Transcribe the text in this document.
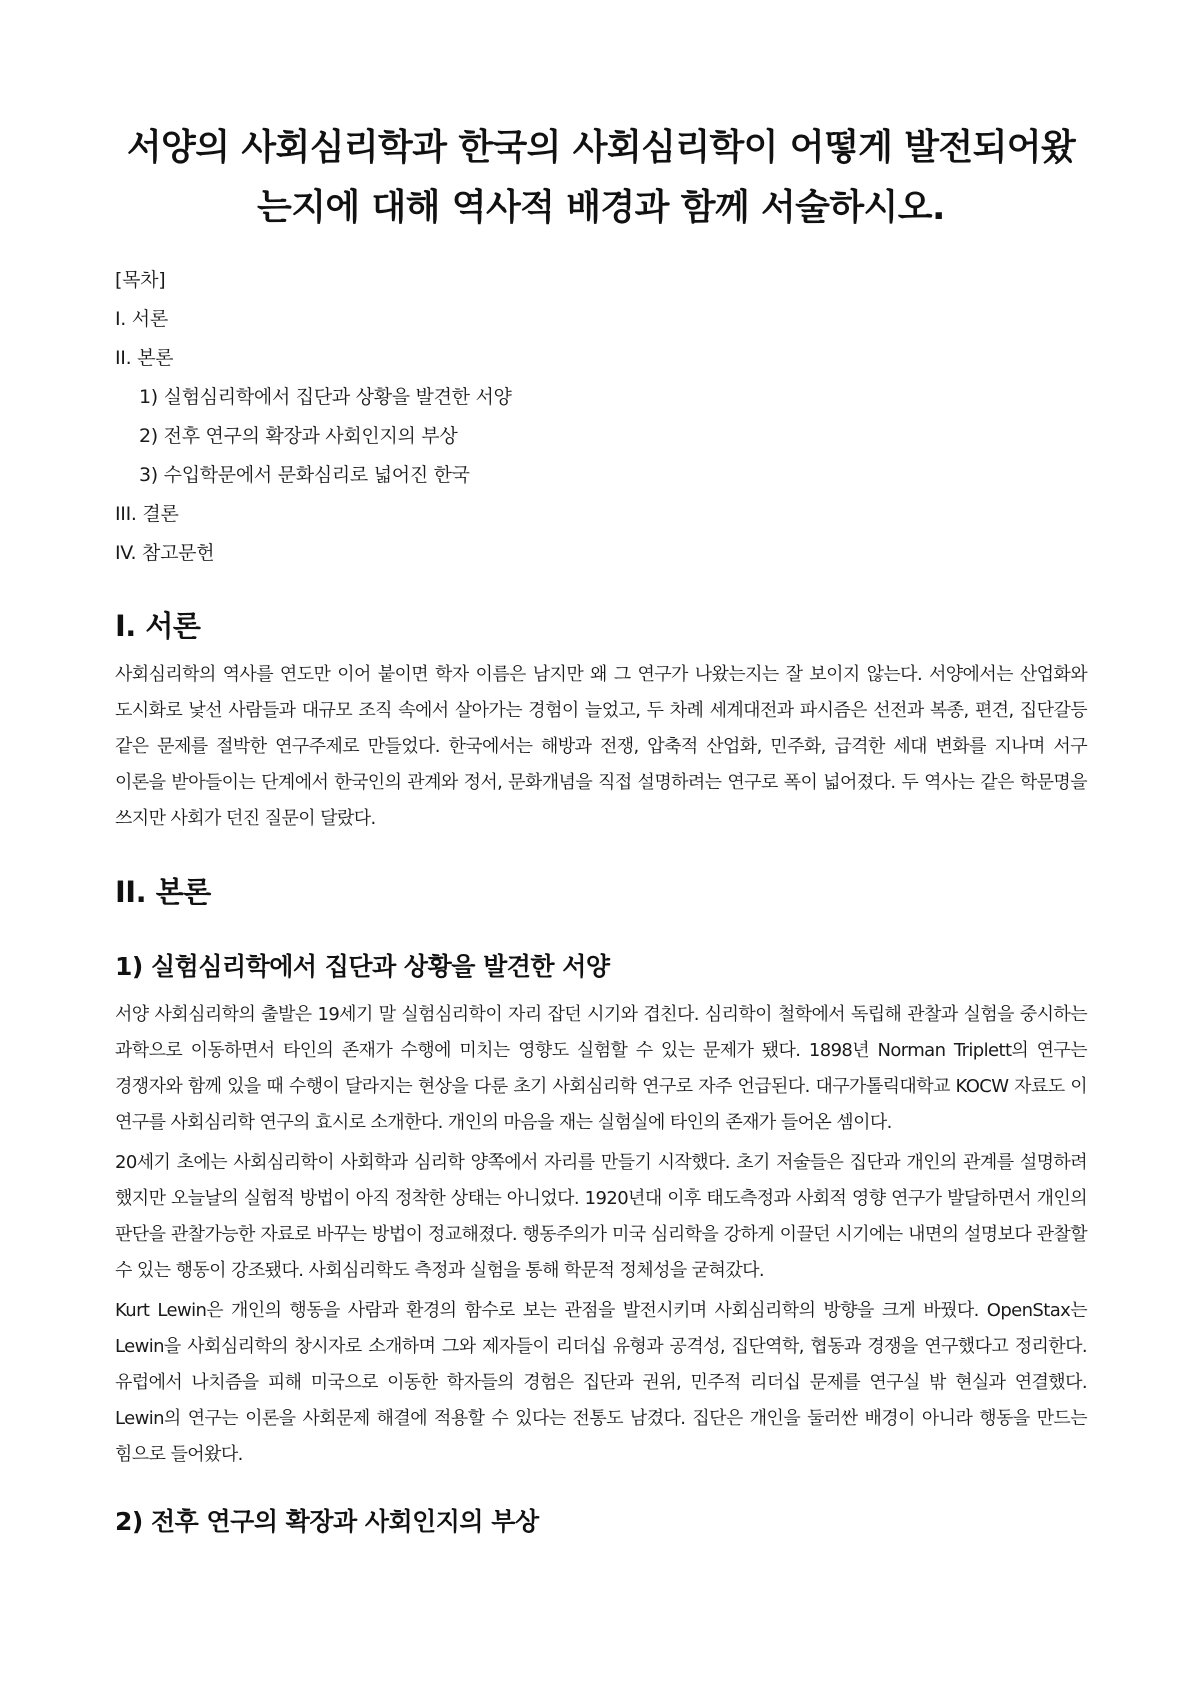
서양의 사회심리학과 한국의 사회심리학이 어떻게 발전되어왔
는지에 대해 역사적 배경과 함께 서술하시오.
[목차]
I. 서론
II. 본론
1) 실험심리학에서 집단과 상황을 발견한 서양
2) 전후 연구의 확장과 사회인지의 부상
3) 수입학문에서 문화심리로 넓어진 한국
III. 결론
IV. 참고문헌
I. 서론

사회심리학의 역사를 연도만 이어 붙이면 학자 이름은 남지만 왜 그 연구가 나왔는지는 잘 보이지 않는다. 서양에서는 산업화와 도시화로 낯선 사람들과 대규모 조직 속에서 살아가는 경험이 늘었고, 두 차례 세계대전과 파시즘은 선전과 복종, 편견, 집단갈등 같은 문제를 절박한 연구주제로 만들었다. 한국에서는 해방과 전쟁, 압축적 산업화, 민주화, 급격한 세대 변화를 지나며 서구 이론을 받아들이는 단계에서 한국인의 관계와 정서, 문화개념을 직접 설명하려는 연구로 폭이 넓어졌다. 두 역사는 같은 학문명을 쓰지만 사회가 던진 질문이 달랐다.

II. 본론
1) 실험심리학에서 집단과 상황을 발견한 서양

서양 사회심리학의 출발은 19세기 말 실험심리학이 자리 잡던 시기와 겹친다. 심리학이 철학에서 독립해 관찰과 실험을 중시하는 과학으로 이동하면서 타인의 존재가 수행에 미치는 영향도 실험할 수 있는 문제가 됐다. 1898년 Norman Triplett의 연구는 경쟁자와 함께 있을 때 수행이 달라지는 현상을 다룬 초기 사회심리학 연구로 자주 언급된다. 대구가톨릭대학교 KOCW 자료도 이 연구를 사회심리학 연구의 효시로 소개한다. 개인의 마음을 재는 실험실에 타인의 존재가 들어온 셈이다.

20세기 초에는 사회심리학이 사회학과 심리학 양쪽에서 자리를 만들기 시작했다. 초기 저술들은 집단과 개인의 관계를 설명하려 했지만 오늘날의 실험적 방법이 아직 정착한 상태는 아니었다. 1920년대 이후 태도측정과 사회적 영향 연구가 발달하면서 개인의 판단을 관찰가능한 자료로 바꾸는 방법이 정교해졌다. 행동주의가 미국 심리학을 강하게 이끌던 시기에는 내면의 설명보다 관찰할 수 있는 행동이 강조됐다. 사회심리학도 측정과 실험을 통해 학문적 정체성을 굳혀갔다.

Kurt Lewin은 개인의 행동을 사람과 환경의 함수로 보는 관점을 발전시키며 사회심리학의 방향을 크게 바꿨다. OpenStax는 Lewin을 사회심리학의 창시자로 소개하며 그와 제자들이 리더십 유형과 공격성, 집단역학, 협동과 경쟁을 연구했다고 정리한다. 유럽에서 나치즘을 피해 미국으로 이동한 학자들의 경험은 집단과 권위, 민주적 리더십 문제를 연구실 밖 현실과 연결했다. Lewin의 연구는 이론을 사회문제 해결에 적용할 수 있다는 전통도 남겼다. 집단은 개인을 둘러싼 배경이 아니라 행동을 만드는 힘으로 들어왔다.

2) 전후 연구의 확장과 사회인지의 부상
